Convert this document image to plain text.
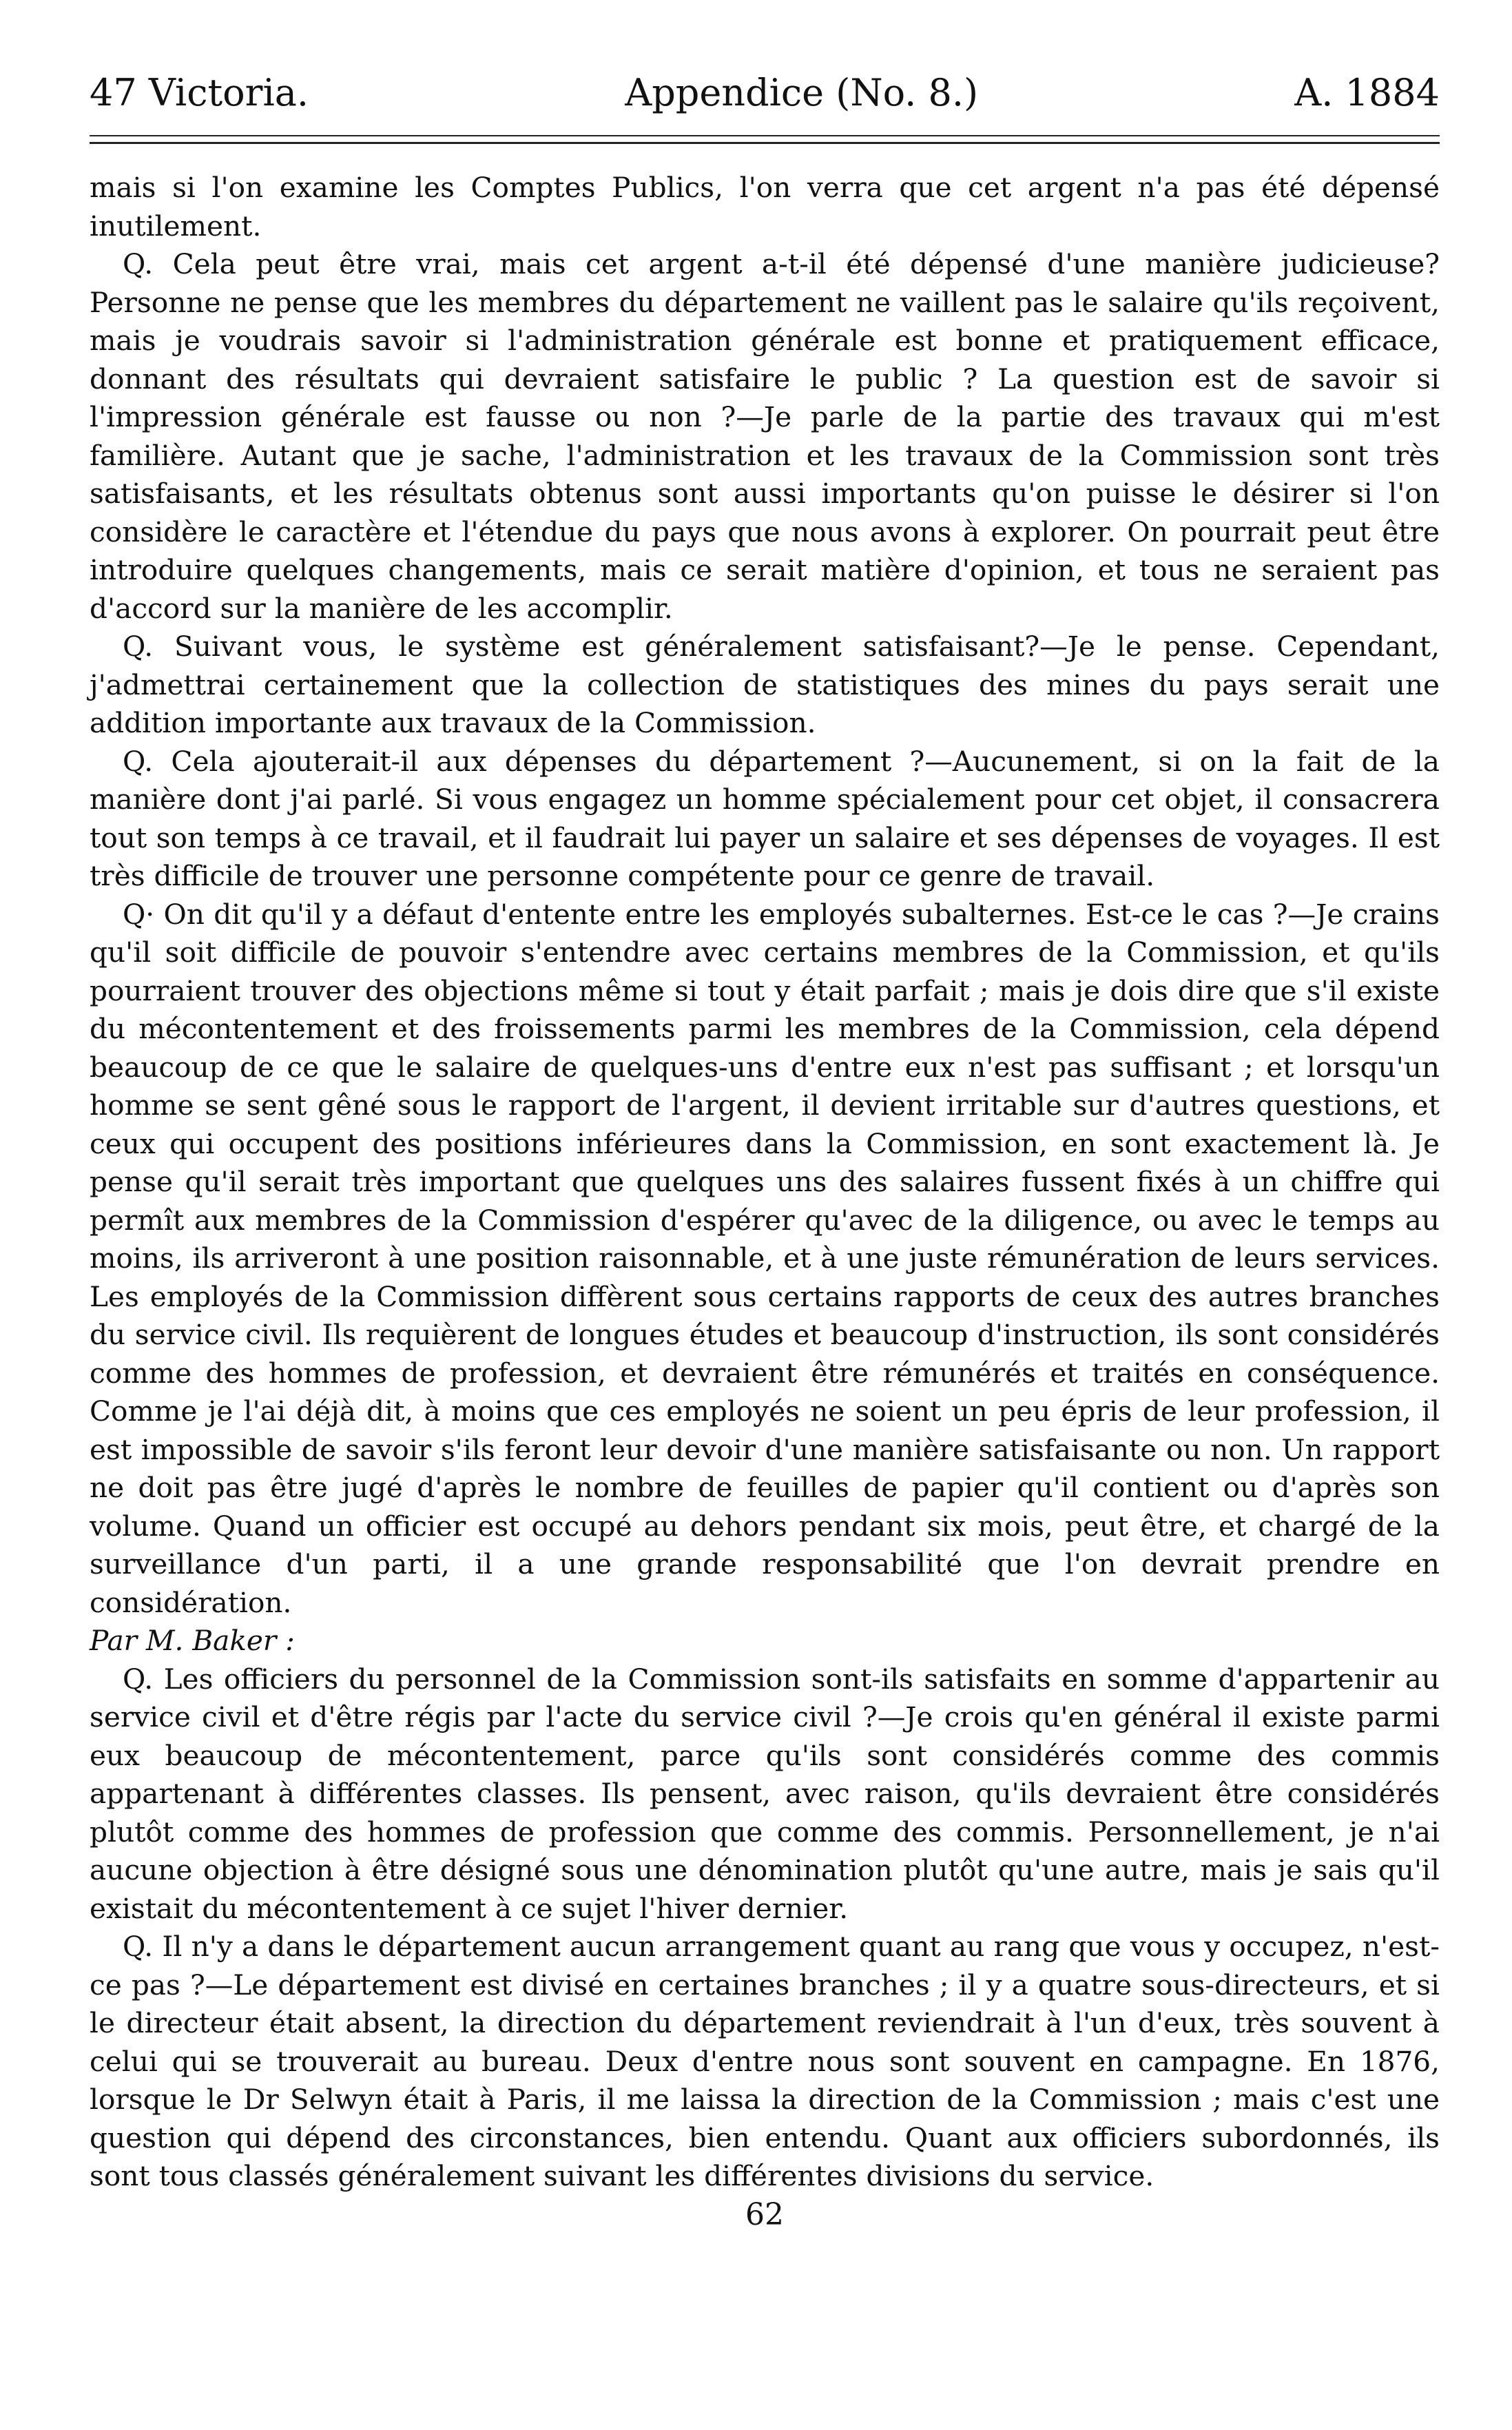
47 Victoria.	Appendice (No. 8.)	A. 1884

mais si l'on examine les Comptes Publics, l'on verra que cet argent n'a pas été dépensé inutilement.

Q. Cela peut être vrai, mais cet argent a-t-il été dépensé d'une manière judicieuse? Personne ne pense que les membres du département ne vaillent pas le salaire qu'ils reçoivent, mais je voudrais savoir si l'administration générale est bonne et pratiquement efficace, donnant des résultats qui devraient satisfaire le public ? La question est de savoir si l'impression générale est fausse ou non ?—Je parle de la partie des travaux qui m'est familière. Autant que je sache, l'administration et les travaux de la Commission sont très satisfaisants, et les résultats obtenus sont aussi importants qu'on puisse le désirer si l'on considère le caractère et l'étendue du pays que nous avons à explorer. On pourrait peut être introduire quelques changements, mais ce serait matière d'opinion, et tous ne seraient pas d'accord sur la manière de les accomplir.

Q. Suivant vous, le système est généralement satisfaisant?—Je le pense. Cependant, j'admettrai certainement que la collection de statistiques des mines du pays serait une addition importante aux travaux de la Commission.

Q. Cela ajouterait-il aux dépenses du département ?—Aucunement, si on la fait de la manière dont j'ai parlé. Si vous engagez un homme spécialement pour cet objet, il consacrera tout son temps à ce travail, et il faudrait lui payer un salaire et ses dépenses de voyages. Il est très difficile de trouver une personne compétente pour ce genre de travail.

Q· On dit qu'il y a défaut d'entente entre les employés subalternes. Est-ce le cas ?—Je crains qu'il soit difficile de pouvoir s'entendre avec certains membres de la Commission, et qu'ils pourraient trouver des objections même si tout y était parfait ; mais je dois dire que s'il existe du mécontentement et des froissements parmi les membres de la Commission, cela dépend beaucoup de ce que le salaire de quelques-uns d'entre eux n'est pas suffisant ; et lorsqu'un homme se sent gêné sous le rapport de l'argent, il devient irritable sur d'autres questions, et ceux qui occupent des positions inférieures dans la Commission, en sont exactement là. Je pense qu'il serait très important que quelques uns des salaires fussent fixés à un chiffre qui permît aux membres de la Commission d'espérer qu'avec de la diligence, ou avec le temps au moins, ils arriveront à une position raisonnable, et à une juste rémunération de leurs services. Les employés de la Commission diffèrent sous certains rapports de ceux des autres branches du service civil. Ils requièrent de longues études et beaucoup d'instruction, ils sont considérés comme des hommes de profession, et devraient être rémunérés et traités en conséquence. Comme je l'ai déjà dit, à moins que ces employés ne soient un peu épris de leur profession, il est impossible de savoir s'ils feront leur devoir d'une manière satisfaisante ou non. Un rapport ne doit pas être jugé d'après le nombre de feuilles de papier qu'il contient ou d'après son volume. Quand un officier est occupé au dehors pendant six mois, peut être, et chargé de la surveillance d'un parti, il a une grande responsabilité que l'on devrait prendre en considération.

Par M. Baker :

Q. Les officiers du personnel de la Commission sont-ils satisfaits en somme d'appartenir au service civil et d'être régis par l'acte du service civil ?—Je crois qu'en général il existe parmi eux beaucoup de mécontentement, parce qu'ils sont considérés comme des commis appartenant à différentes classes. Ils pensent, avec raison, qu'ils devraient être considérés plutôt comme des hommes de profession que comme des commis. Personnellement, je n'ai aucune objection à être désigné sous une dénomination plutôt qu'une autre, mais je sais qu'il existait du mécontentement à ce sujet l'hiver dernier.

Q. Il n'y a dans le département aucun arrangement quant au rang que vous y occupez, n'est-ce pas ?—Le département est divisé en certaines branches ; il y a quatre sous-directeurs, et si le directeur était absent, la direction du département reviendrait à l'un d'eux, très souvent à celui qui se trouverait au bureau. Deux d'entre nous sont souvent en campagne. En 1876, lorsque le Dr Selwyn était à Paris, il me laissa la direction de la Commission ; mais c'est une question qui dépend des circonstances, bien entendu. Quant aux officiers subordonnés, ils sont tous classés généralement suivant les différentes divisions du service.

62
